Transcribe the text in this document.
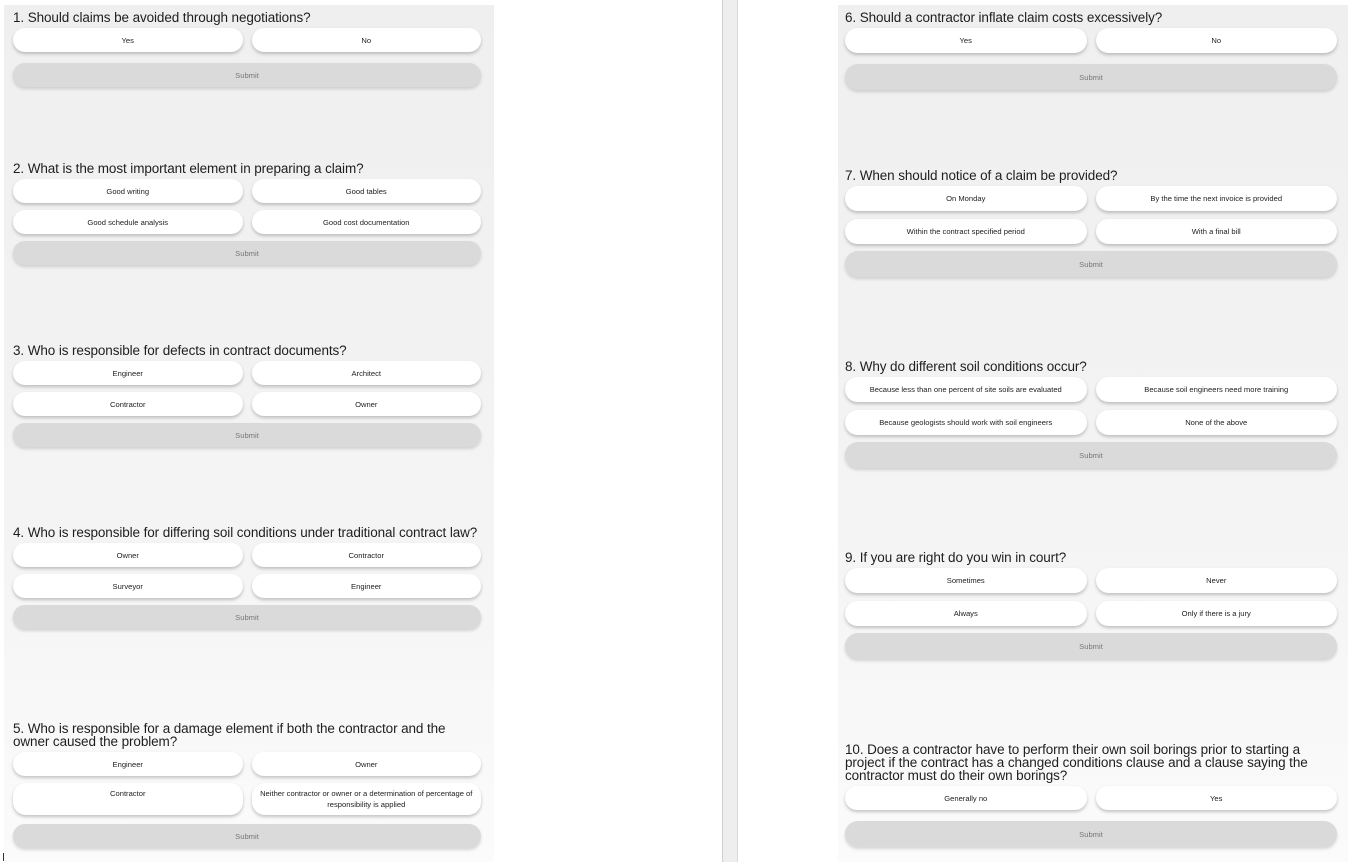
1. Should claims be avoided through negotiations?
Yes	No
Submit
2. What is the most important element in preparing a claim?
Good writing	Good tables
Good schedule analysis	Good cost documentation
Submit
3. Who is responsible for defects in contract documents?
Engineer	Architect
Contractor	Owner
Submit
4. Who is responsible for differing soil conditions under traditional contract law?
Owner	Contractor
Surveyor	Engineer
Submit
5. Who is responsible for a damage element if both the contractor and the owner caused the problem?
Engineer	Owner
Contractor	Neither contractor or owner or a determination of percentage of responsibility is applied
Submit
6. Should a contractor inflate claim costs excessively?
Yes	No
Submit
7. When should notice of a claim be provided?
On Monday	By the time the next invoice is provided
Within the contract specified period	With a final bill
Submit
8. Why do different soil conditions occur?
Because less than one percent of site soils are evaluated	Because soil engineers need more training
Because geologists should work with soil engineers	None of the above
Submit
9. If you are right do you win in court?
Sometimes	Never
Always	Only if there is a jury
Submit
10. Does a contractor have to perform their own soil borings prior to starting a project if the contract has a changed conditions clause and a clause saying the contractor must do their own borings?
Generally no	Yes
Submit
